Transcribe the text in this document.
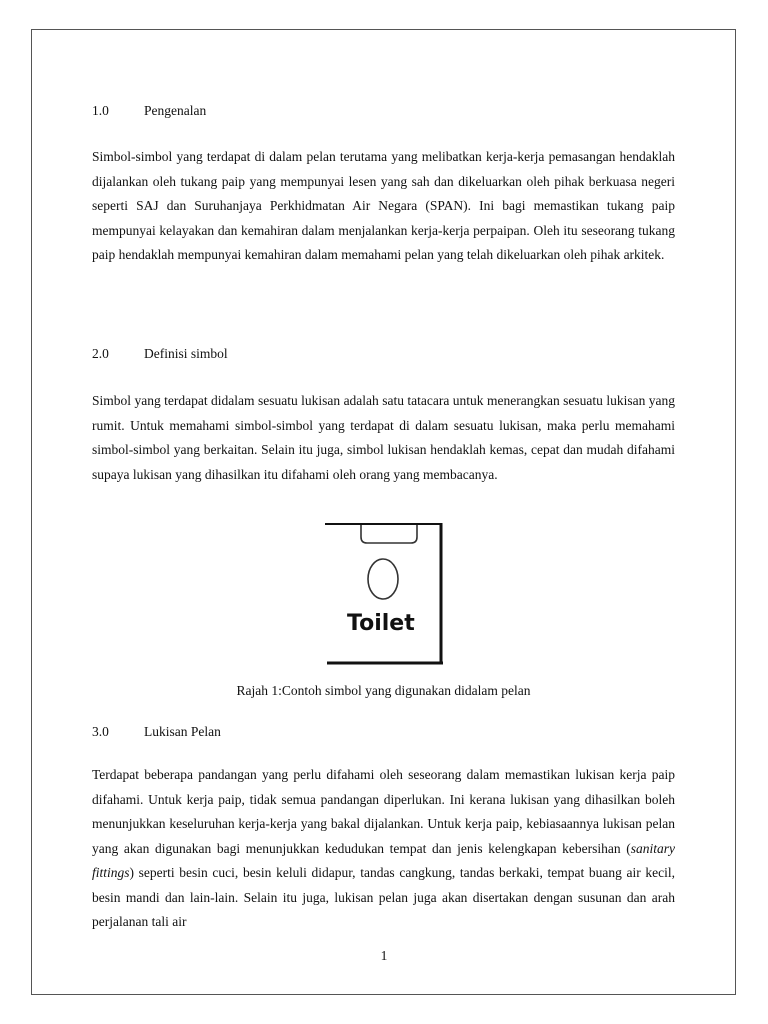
1.0	Pengenalan

Simbol-simbol yang terdapat di dalam pelan terutama yang melibatkan kerja-kerja pemasangan hendaklah dijalankan oleh tukang paip yang mempunyai lesen yang sah dan dikeluarkan oleh pihak berkuasa negeri seperti SAJ dan Suruhanjaya Perkhidmatan Air Negara (SPAN). Ini bagi memastikan tukang paip mempunyai kelayakan dan kemahiran dalam menjalankan kerja-kerja perpaipan. Oleh itu seseorang tukang paip hendaklah mempunyai kemahiran dalam memahami pelan yang telah dikeluarkan oleh pihak arkitek.

2.0	Definisi simbol

Simbol yang terdapat didalam sesuatu lukisan adalah satu tatacara untuk menerangkan sesuatu lukisan yang rumit. Untuk memahami simbol-simbol yang terdapat di dalam sesuatu lukisan, maka perlu memahami simbol-simbol yang berkaitan. Selain itu juga, simbol lukisan hendaklah kemas, cepat dan mudah difahami supaya lukisan yang dihasilkan itu difahami oleh orang yang membacanya.

Toilet
Rajah 1:Contoh simbol yang digunakan didalam pelan
3.0	Lukisan Pelan

Terdapat beberapa pandangan yang perlu difahami oleh seseorang dalam memastikan lukisan kerja paip difahami. Untuk kerja paip, tidak semua pandangan diperlukan. Ini kerana lukisan yang dihasilkan boleh menunjukkan keseluruhan kerja-kerja yang bakal dijalankan. Untuk kerja paip, kebiasaannya lukisan pelan yang akan digunakan bagi menunjukkan kedudukan tempat dan jenis kelengkapan kebersihan (sanitary fittings) seperti besin cuci, besin keluli didapur, tandas cangkung, tandas berkaki, tempat buang air kecil, besin mandi dan lain-lain. Selain itu juga, lukisan pelan juga akan disertakan dengan susunan dan arah perjalanan tali air

1
